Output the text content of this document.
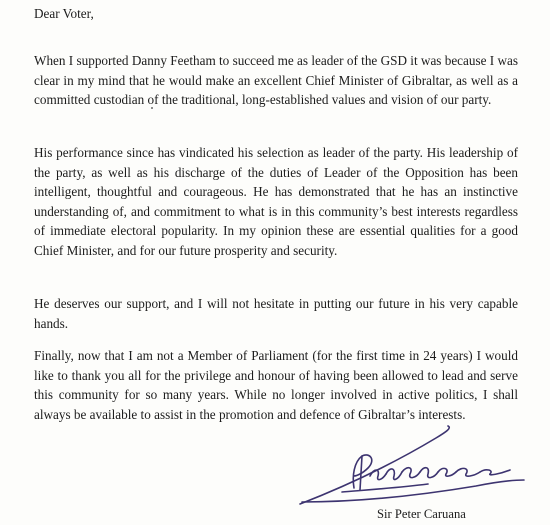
Dear Voter,

When I supported Danny Feetham to succeed me as leader of the GSD it was because I was clear in my mind that he would make an excellent Chief Minister of Gibraltar, as well as a committed custodian of the traditional, long-established values and vision of our party.

His performance since has vindicated his selection as leader of the party. His leadership of the party, as well as his discharge of the duties of Leader of the Opposition has been intelligent, thoughtful and courageous. He has demonstrated that he has an instinctive understanding of, and commitment to what is in this community’s best interests regardless of immediate electoral popularity. In my opinion these are essential qualities for a good Chief Minister, and for our future prosperity and security.

He deserves our support, and I will not hesitate in putting our future in his very capable hands.

Finally, now that I am not a Member of Parliament (for the first time in 24 years) I would like to thank you all for the privilege and honour of having been allowed to lead and serve this community for so many years. While no longer involved in active politics, I shall always be available to assist in the promotion and defence of Gibraltar’s interests.

Sir Peter Caruana
